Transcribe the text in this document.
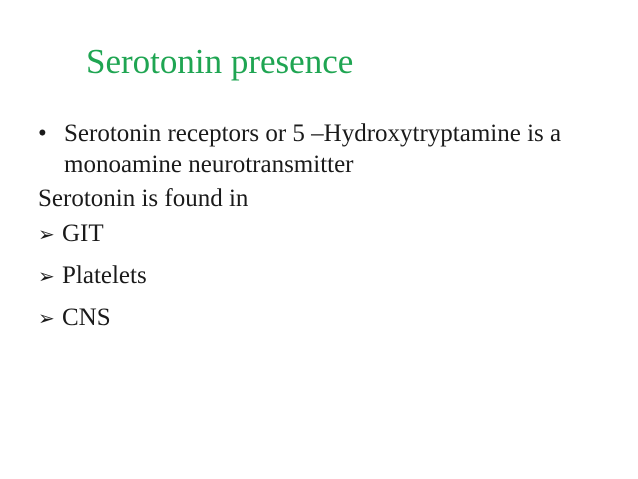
Serotonin presence
• Serotonin receptors or 5 –Hydroxytryptamine is a monoamine neurotransmitter
Serotonin is found in
➢ GIT
➢ Platelets
➢ CNS
